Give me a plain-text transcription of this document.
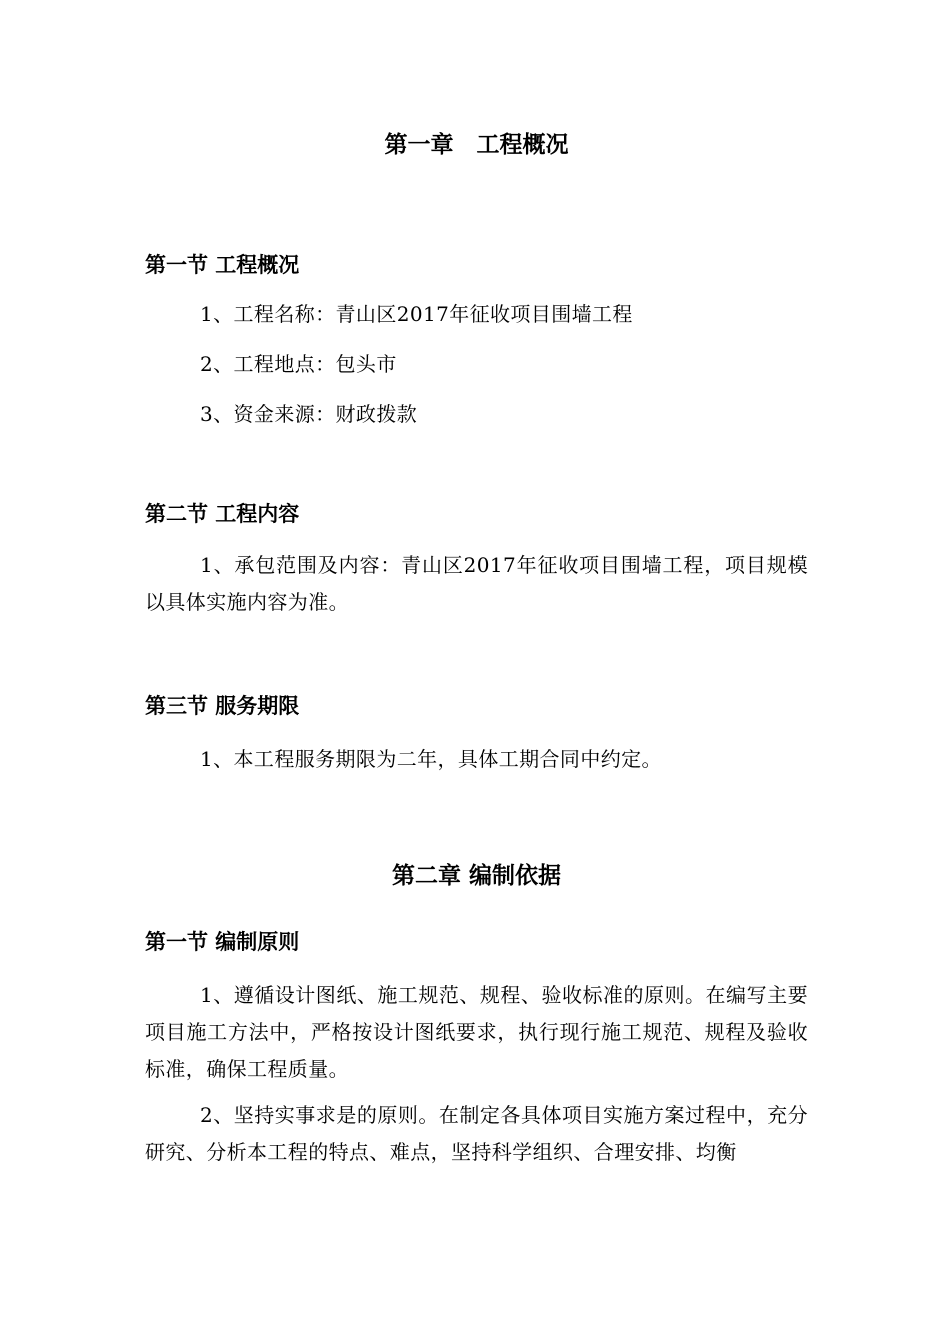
第一章　工程概况
第一节 工程概况

1、工程名称：青山区2017年征收项目围墙工程

2、工程地点：包头市

3、资金来源：财政拨款

第二节 工程内容

1、承包范围及内容：青山区2017年征收项目围墙工程，项目规模以具体实施内容为准。

第三节 服务期限

1、本工程服务期限为二年，具体工期合同中约定。

第二章 编制依据
第一节 编制原则

1、遵循设计图纸、施工规范、规程、验收标准的原则。在编写主要项目施工方法中，严格按设计图纸要求，执行现行施工规范、规程及验收标准，确保工程质量。

2、坚持实事求是的原则。在制定各具体项目实施方案过程中，充分研究、分析本工程的特点、难点，坚持科学组织、合理安排、均衡
